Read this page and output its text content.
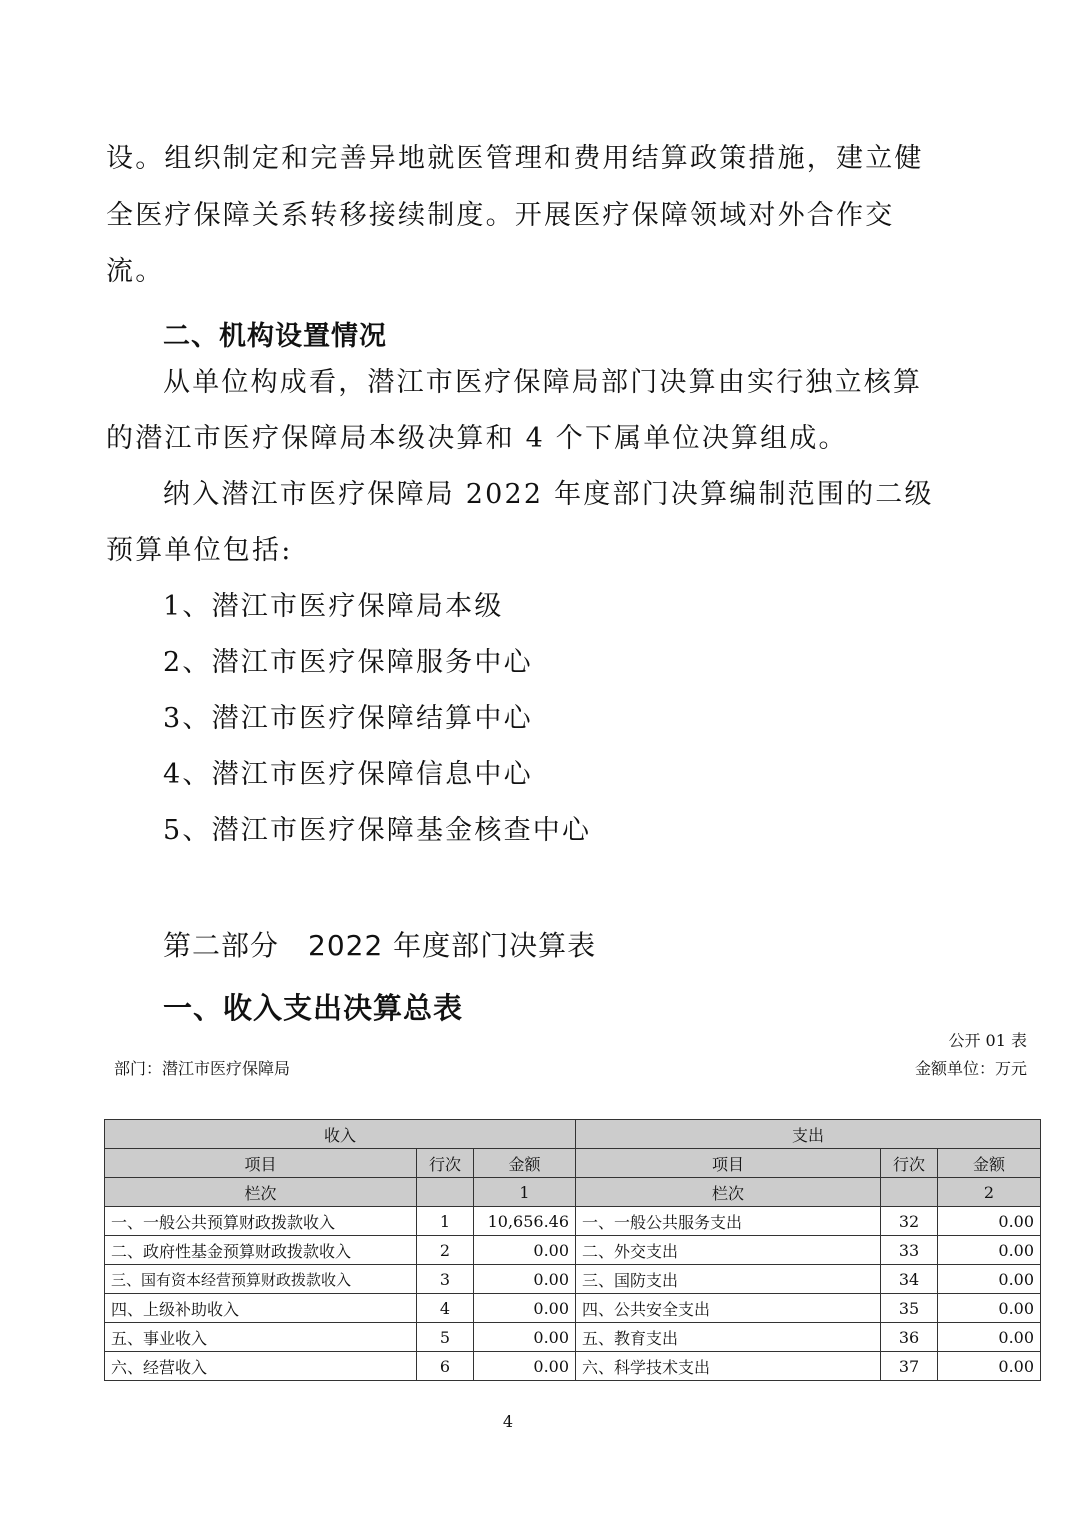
设。组织制定和完善异地就医管理和费用结算政策措施，建立健

全医疗保障关系转移接续制度。开展医疗保障领域对外合作交

流。

二、机构设置情况

从单位构成看，潜江市医疗保障局部门决算由实行独立核算

的潜江市医疗保障局本级决算和 4 个下属单位决算组成。

纳入潜江市医疗保障局 2022 年度部门决算编制范围的二级

预算单位包括:

1、潜江市医疗保障局本级

2、潜江市医疗保障服务中心

3、潜江市医疗保障结算中心

4、潜江市医疗保障信息中心

5、潜江市医疗保障基金核查中心

第二部分　2022 年度部门决算表

一、收入支出决算总表

公开 01 表
部门：潜江市医疗保障局	金额单位：万元
收入			支出		
项目	行次	金额	项目	行次	金额
栏次		1	栏次		2
一、一般公共预算财政拨款收入	1	10,656.46	一、一般公共服务支出	32	0.00
二、政府性基金预算财政拨款收入	2	0.00	二、外交支出	33	0.00
三、国有资本经营预算财政拨款收入	3	0.00	三、国防支出	34	0.00
四、上级补助收入	4	0.00	四、公共安全支出	35	0.00
五、事业收入	5	0.00	五、教育支出	36	0.00
六、经营收入	6	0.00	六、科学技术支出	37	0.00
4
